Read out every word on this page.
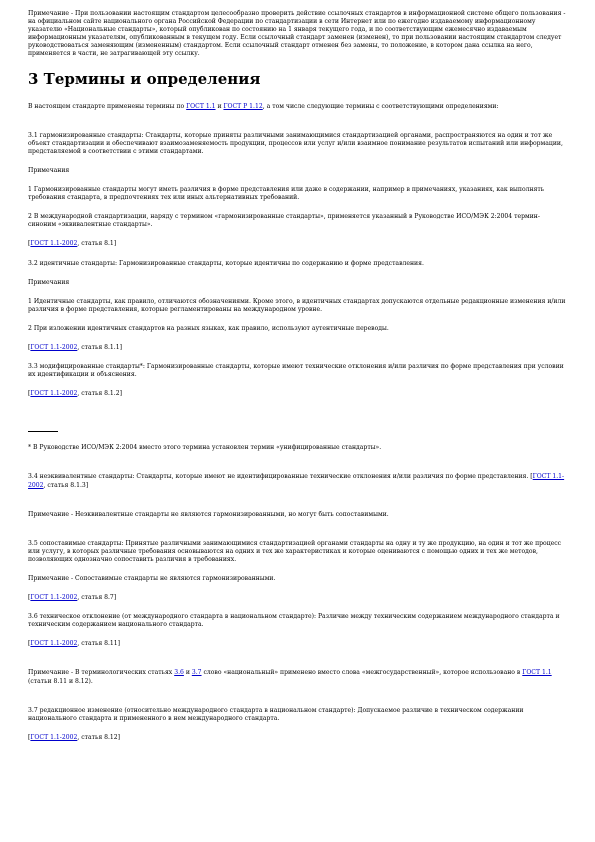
Примечание - При пользовании настоящим стандартом целесообразно проверить действие ссылочных стандартов в информационной системе общего пользования - на официальном сайте национального органа Российской Федерации по стандартизации в сети Интернет или по ежегодно издаваемому информационному указателю «Национальные стандарты», который опубликован по состоянию на 1 января текущего года, и по соответствующим ежемесячно издаваемым информационным указателям, опубликованным в текущем году. Если ссылочный стандарт заменен (изменен), то при пользовании настоящим стандартом следует руководствоваться заменяющим (измененным) стандартом. Если ссылочный стандарт отменен без замены, то положение, в котором дана ссылка на него, применяется в части, не затрагивающей эту ссылку.

3 Термины и определения

В настоящем стандарте применены термины по ГОСТ 1.1 и ГОСТ Р 1.12, а том числе следующие термины с соответствующими определениями:

3.1 гармонизированные стандарты: Стандарты, которые приняты различными занимающимися стандартизацией органами, распространяются на один и тот же объект стандартизации и обеспечивают взаимозаменяемость продукции, процессов или услуг и/или взаимное понимание результатов испытаний или информации, представляемой в соответствии с этими стандартами.

Примечания

1 Гармонизированные стандарты могут иметь различия в форме представления или даже в содержании, например в примечаниях, указаниях, как выполнять требования стандарта, в предпочтениях тех или иных альтернативных требований.

2 В международной стандартизации, наряду с термином «гармонизированные стандарты», применяется указанный в Руководстве ИСО/МЭК 2:2004 термин-синоним «эквивалентные стандарты».

[ГОСТ 1.1-2002, статья 8.1]

3.2 идентичные стандарты: Гармонизированные стандарты, которые идентичны по содержанию и форме представления.

Примечания

1 Идентичные стандарты, как правило, отличаются обозначениями. Кроме этого, в идентичных стандартах допускаются отдельные редакционные изменения и/или различия в форме представления, которые регламентированы на международном уровне.

2 При изложении идентичных стандартов на разных языках, как правило, используют аутентичные переводы.

[ГОСТ 1.1-2002, статья 8.1.1]

3.3 модифицированные стандарты*: Гармонизированные стандарты, которые имеют технические отклонения и/или различия по форме представления при условии их идентификации и объяснения.

[ГОСТ 1.1-2002, статья 8.1.2]

* В Руководстве ИСО/МЭК 2:2004 вместо этого термина установлен термин «унифицированные стандарты».

3.4 неэквивалентные стандарты: Стандарты, которые имеют не идентифицированные технические отклонения и/или различия по форме представления. [ГОСТ 1.1-2002, статья 8.1.3]

Примечание - Неэквивалентные стандарты не являются гармонизированными, но могут быть сопоставимыми.

3.5 сопоставимые стандарты: Принятые различными занимающимися стандартизацией органами стандарты на одну и ту же продукцию, на один и тот же процесс или услугу, в которых различные требования основываются на одних и тех же характеристиках и которые оцениваются с помощью одних и тех же методов, позволяющих однозначно сопоставить различия в требованиях.

Примечание - Сопоставимые стандарты не являются гармонизированными.

[ГОСТ 1.1-2002, статья 8.7]

3.6 техническое отклонение (от международного стандарта в национальном стандарте): Различие между техническим содержанием международного стандарта и техническим содержанием национального стандарта.

[ГОСТ 1.1-2002, статья 8.11]

Примечание - В терминологических статьях 3.6 и 3.7 слово «национальный» применено вместо слова «межгосударственный», которое использовано в ГОСТ 1.1 (статьи 8.11 и 8.12).

3.7 редакционное изменение (относительно международного стандарта в национальном стандарте): Допускаемое различие в техническом содержании национального стандарта и примененного в нем международного стандарта.

[ГОСТ 1.1-2002, статья 8.12]
